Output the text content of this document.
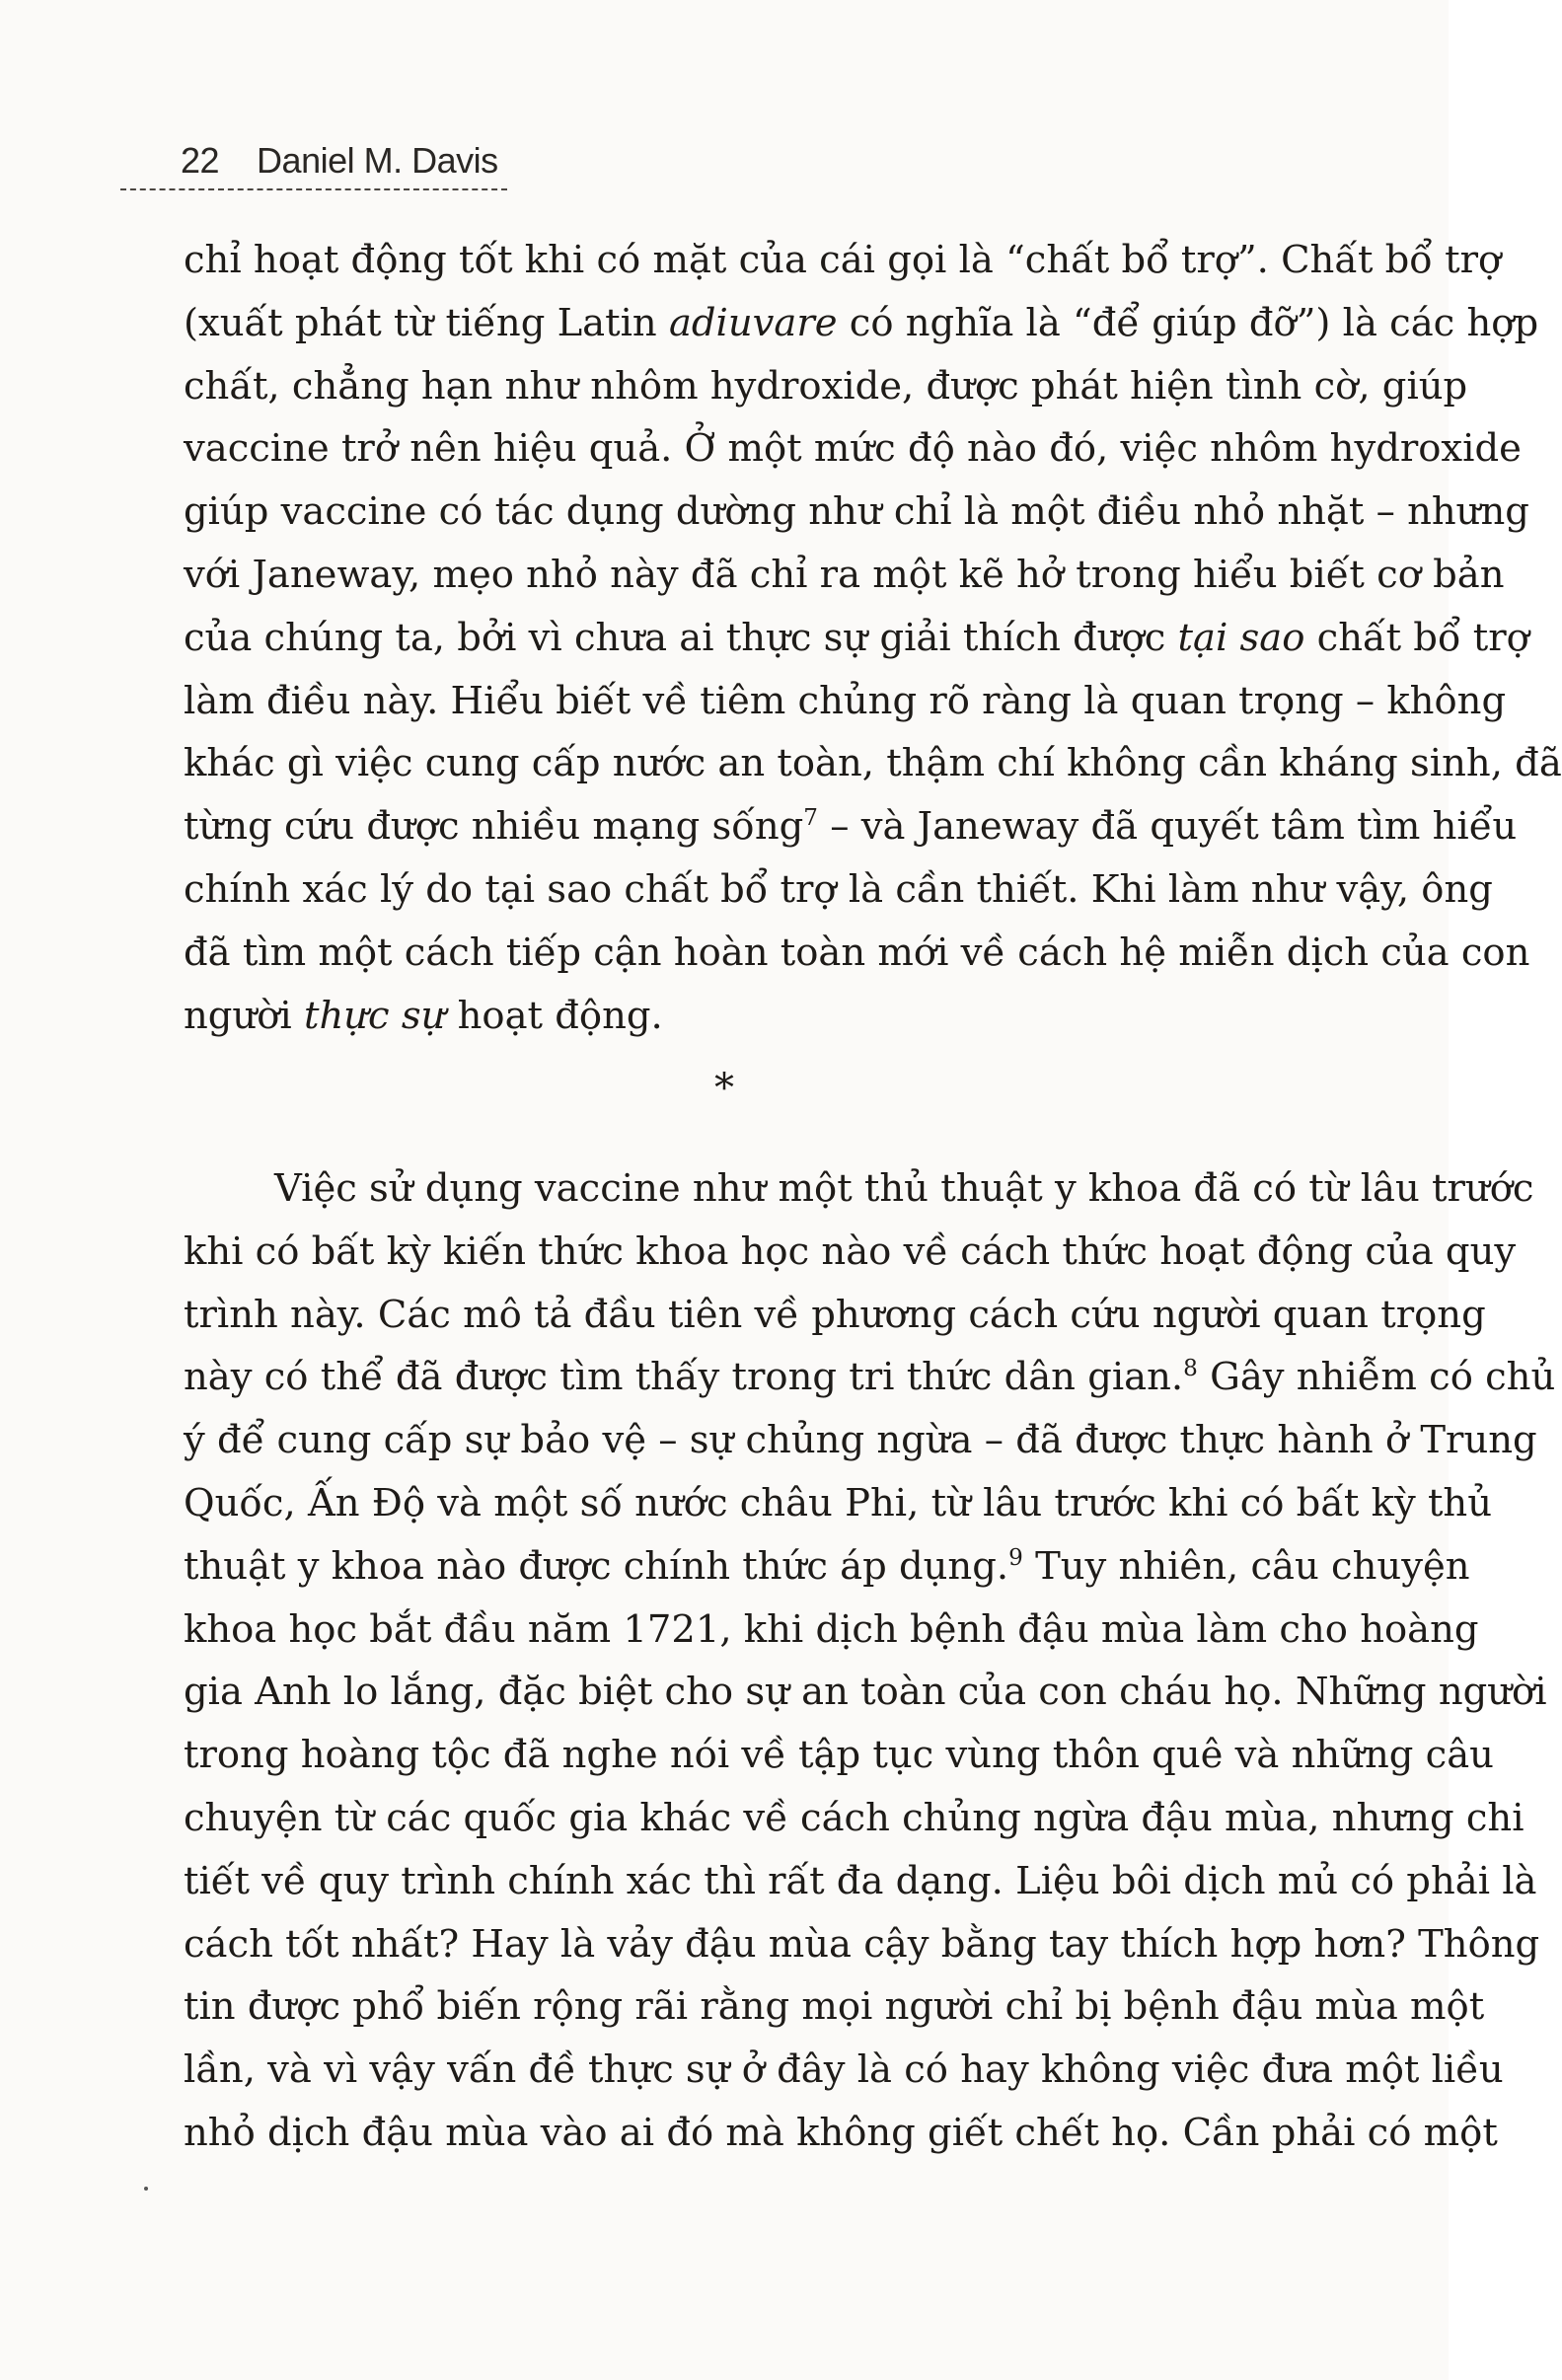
22 Daniel M. Davis
chỉ hoạt động tốt khi có mặt của cái gọi là “chất bổ trợ”. Chất bổ trợ
(xuất phát từ tiếng Latin adiuvare có nghĩa là “để giúp đỡ”) là các hợp
chất, chẳng hạn như nhôm hydroxide, được phát hiện tình cờ, giúp
vaccine trở nên hiệu quả. Ở một mức độ nào đó, việc nhôm hydroxide
giúp vaccine có tác dụng dường như chỉ là một điều nhỏ nhặt – nhưng
với Janeway, mẹo nhỏ này đã chỉ ra một kẽ hở trong hiểu biết cơ bản
của chúng ta, bởi vì chưa ai thực sự giải thích được tại sao chất bổ trợ
làm điều này. Hiểu biết về tiêm chủng rõ ràng là quan trọng – không
khác gì việc cung cấp nước an toàn, thậm chí không cần kháng sinh, đã
từng cứu được nhiều mạng sống$^7$ – và Janeway đã quyết tâm tìm hiểu
chính xác lý do tại sao chất bổ trợ là cần thiết. Khi làm như vậy, ông
đã tìm một cách tiếp cận hoàn toàn mới về cách hệ miễn dịch của con
người thực sự hoạt động.
*
Việc sử dụng vaccine như một thủ thuật y khoa đã có từ lâu trước
khi có bất kỳ kiến thức khoa học nào về cách thức hoạt động của quy
trình này. Các mô tả đầu tiên về phương cách cứu người quan trọng
này có thể đã được tìm thấy trong tri thức dân gian.$^8$ Gây nhiễm có chủ
ý để cung cấp sự bảo vệ – sự chủng ngừa – đã được thực hành ở Trung
Quốc, Ấn Độ và một số nước châu Phi, từ lâu trước khi có bất kỳ thủ
thuật y khoa nào được chính thức áp dụng.$^9$ Tuy nhiên, câu chuyện
khoa học bắt đầu năm 1721, khi dịch bệnh đậu mùa làm cho hoàng
gia Anh lo lắng, đặc biệt cho sự an toàn của con cháu họ. Những người
trong hoàng tộc đã nghe nói về tập tục vùng thôn quê và những câu
chuyện từ các quốc gia khác về cách chủng ngừa đậu mùa, nhưng chi
tiết về quy trình chính xác thì rất đa dạng. Liệu bôi dịch mủ có phải là
cách tốt nhất? Hay là vảy đậu mùa cậy bằng tay thích hợp hơn? Thông
tin được phổ biến rộng rãi rằng mọi người chỉ bị bệnh đậu mùa một
lần, và vì vậy vấn đề thực sự ở đây là có hay không việc đưa một liều
nhỏ dịch đậu mùa vào ai đó mà không giết chết họ. Cần phải có một
